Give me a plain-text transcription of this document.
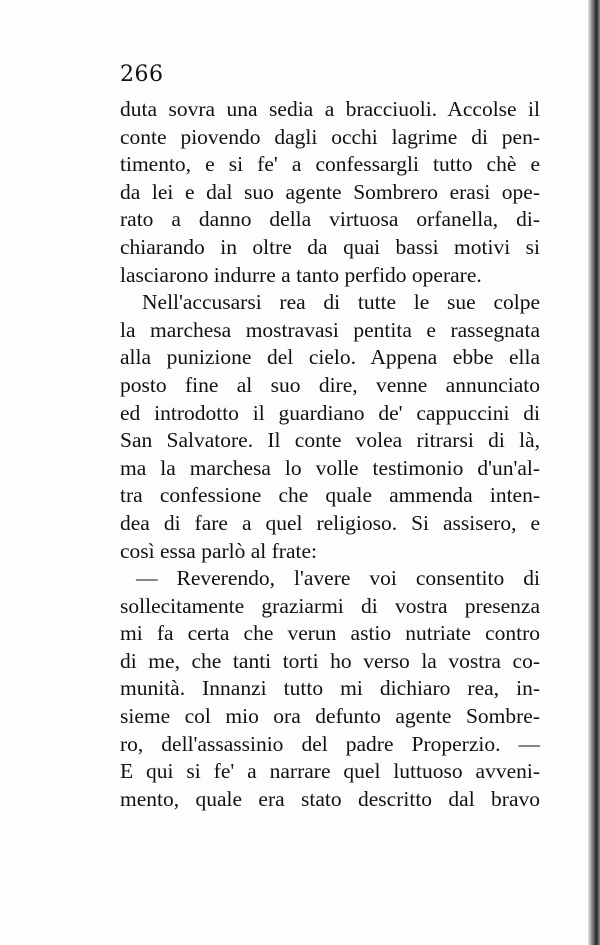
266
duta sovra una sedia a bracciuoli. Accolse il
conte piovendo dagli occhi lagrime di pen-
timento, e si fe' a confessargli tutto chè e
da lei e dal suo agente Sombrero erasi ope-
rato a danno della virtuosa orfanella, di-
chiarando in oltre da quai bassi motivi si
lasciarono indurre a tanto perfido operare.
Nell'accusarsi rea di tutte le sue colpe
la marchesa mostravasi pentita e rassegnata
alla punizione del cielo. Appena ebbe ella
posto fine al suo dire, venne annunciato
ed introdotto il guardiano de' cappuccini di
San Salvatore. Il conte volea ritrarsi di là,
ma la marchesa lo volle testimonio d'un'al-
tra confessione che quale ammenda inten-
dea di fare a quel religioso. Si assisero, e
così essa parlò al frate:
— Reverendo, l'avere voi consentito di
sollecitamente graziarmi di vostra presenza
mi fa certa che verun astio nutriate contro
di me, che tanti torti ho verso la vostra co-
munità. Innanzi tutto mi dichiaro rea, in-
sieme col mio ora defunto agente Sombre-
ro, dell'assassinio del padre Properzio. —
E qui si fe' a narrare quel luttuoso avveni-
mento, quale era stato descritto dal bravo
